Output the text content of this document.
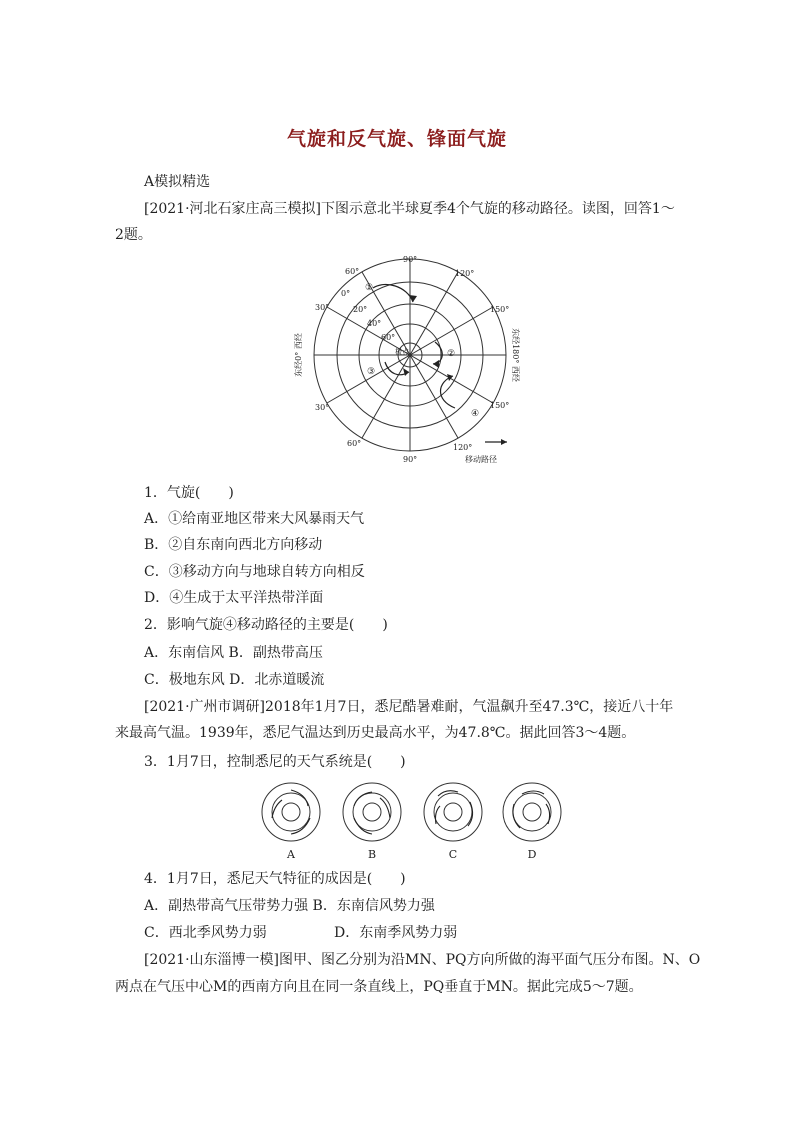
气旋和反气旋、锋面气旋
A模拟精选
[2021·河北石家庄高三模拟]下图示意北半球夏季4个气旋的移动路径。读图，回答1～
2题。
60°
90°
120°
30°
0°
20°
40°
60°
150°
150°
30°
60°
90°
120°
极点
移动路径
①
②
③
④
东经0° 西经	东经180° 西经
1．气旋(　　)
A．①给南亚地区带来大风暴雨天气
B．②自东南向西北方向移动
C．③移动方向与地球自转方向相反
D．④生成于太平洋热带洋面
2．影响气旋④移动路径的主要是(　　)
A．东南信风 B．副热带高压
C．极地东风 D．北赤道暖流
[2021·广州市调研]2018年1月7日，悉尼酷暑难耐，气温飙升至47.3℃，接近八十年
来最高气温。1939年，悉尼气温达到历史最高水平，为47.8℃。据此回答3～4题。
3．1月7日，控制悉尼的天气系统是(　　)
A	B	C	D
4．1月7日，悉尼天气特征的成因是(　　)
A．副热带高气压带势力强 B．东南信风势力强
C．西北季风势力弱	D．东南季风势力弱
[2021·山东淄博一模]图甲、图乙分别为沿MN、PQ方向所做的海平面气压分布图。N、O
两点在气压中心M的西南方向且在同一条直线上，PQ垂直于MN。据此完成5～7题。
